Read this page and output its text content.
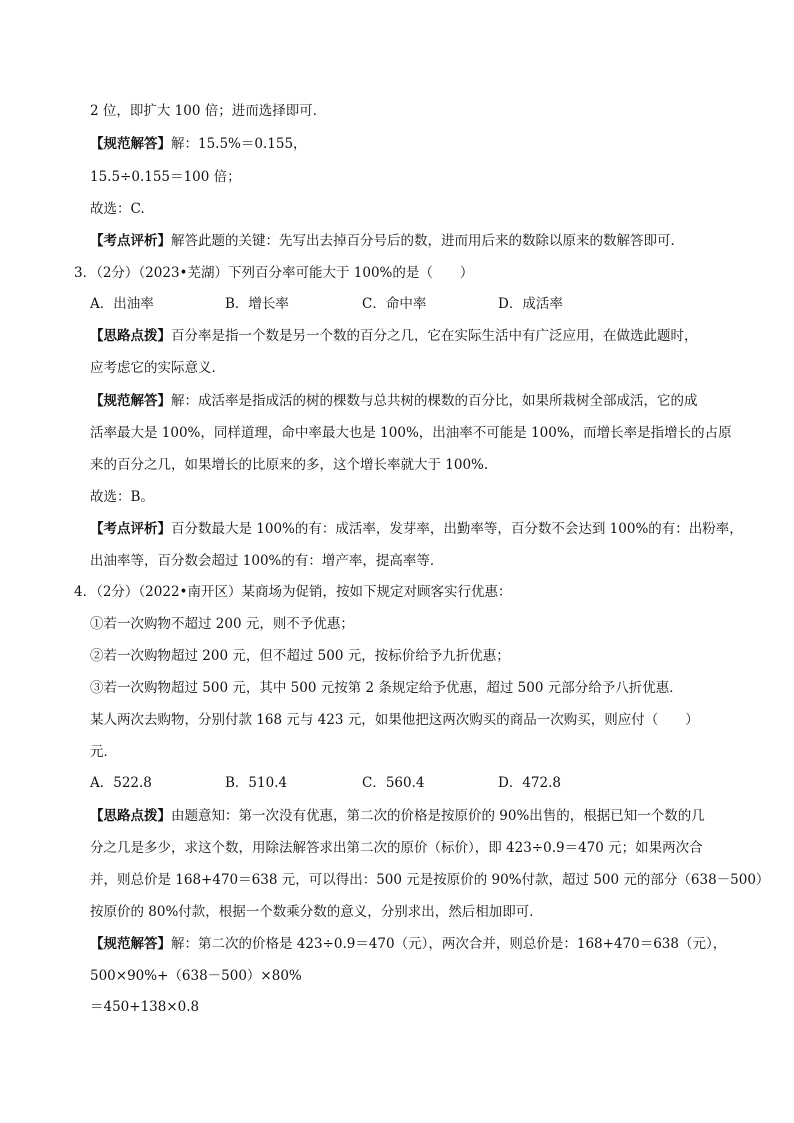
2 位，即扩大 100 倍；进而选择即可．
【规范解答】解：15.5%＝0.155，
15.5÷0.155＝100 倍；
故选：C.
【考点评析】解答此题的关键：先写出去掉百分号后的数，进而用后来的数除以原来的数解答即可．
3．（2分）（2023•芜湖）下列百分率可能大于 100%的是（　　）
A．出油率	B．增长率	C．命中率	D．成活率
【思路点拨】百分率是指一个数是另一个数的百分之几，它在实际生活中有广泛应用，在做选此题时，
应考虑它的实际意义．
【规范解答】解：成活率是指成活的树的棵数与总共树的棵数的百分比，如果所栽树全部成活，它的成
活率最大是 100%，同样道理，命中率最大也是 100%，出油率不可能是 100%，而增长率是指增长的占原
来的百分之几，如果增长的比原来的多，这个增长率就大于 100%.
故选：B。
【考点评析】百分数最大是 100%的有：成活率，发芽率，出勤率等，百分数不会达到 100%的有：出粉率，
出油率等，百分数会超过 100%的有：增产率，提高率等．
4．（2分）（2022•南开区）某商场为促销，按如下规定对顾客实行优惠：
①若一次购物不超过 200 元，则不予优惠；
②若一次购物超过 200 元，但不超过 500 元，按标价给予九折优惠；
③若一次购物超过 500 元，其中 500 元按第 2 条规定给予优惠，超过 500 元部分给予八折优惠．
某人两次去购物，分别付款 168 元与 423 元，如果他把这两次购买的商品一次购买，则应付（　　）
元．
A．522.8	B．510.4	C．560.4	D．472.8
【思路点拨】由题意知：第一次没有优惠，第二次的价格是按原价的 90%出售的，根据已知一个数的几
分之几是多少，求这个数，用除法解答求出第二次的原价（标价），即 423÷0.9＝470 元；如果两次合
并，则总价是 168+470＝638 元，可以得出：500 元是按原价的 90%付款，超过 500 元的部分（638－500）
按原价的 80%付款，根据一个数乘分数的意义，分别求出，然后相加即可．
【规范解答】解：第二次的价格是 423÷0.9＝470（元），两次合并，则总价是：168+470＝638（元），
500×90%+（638－500）×80%
＝450+138×0.8
